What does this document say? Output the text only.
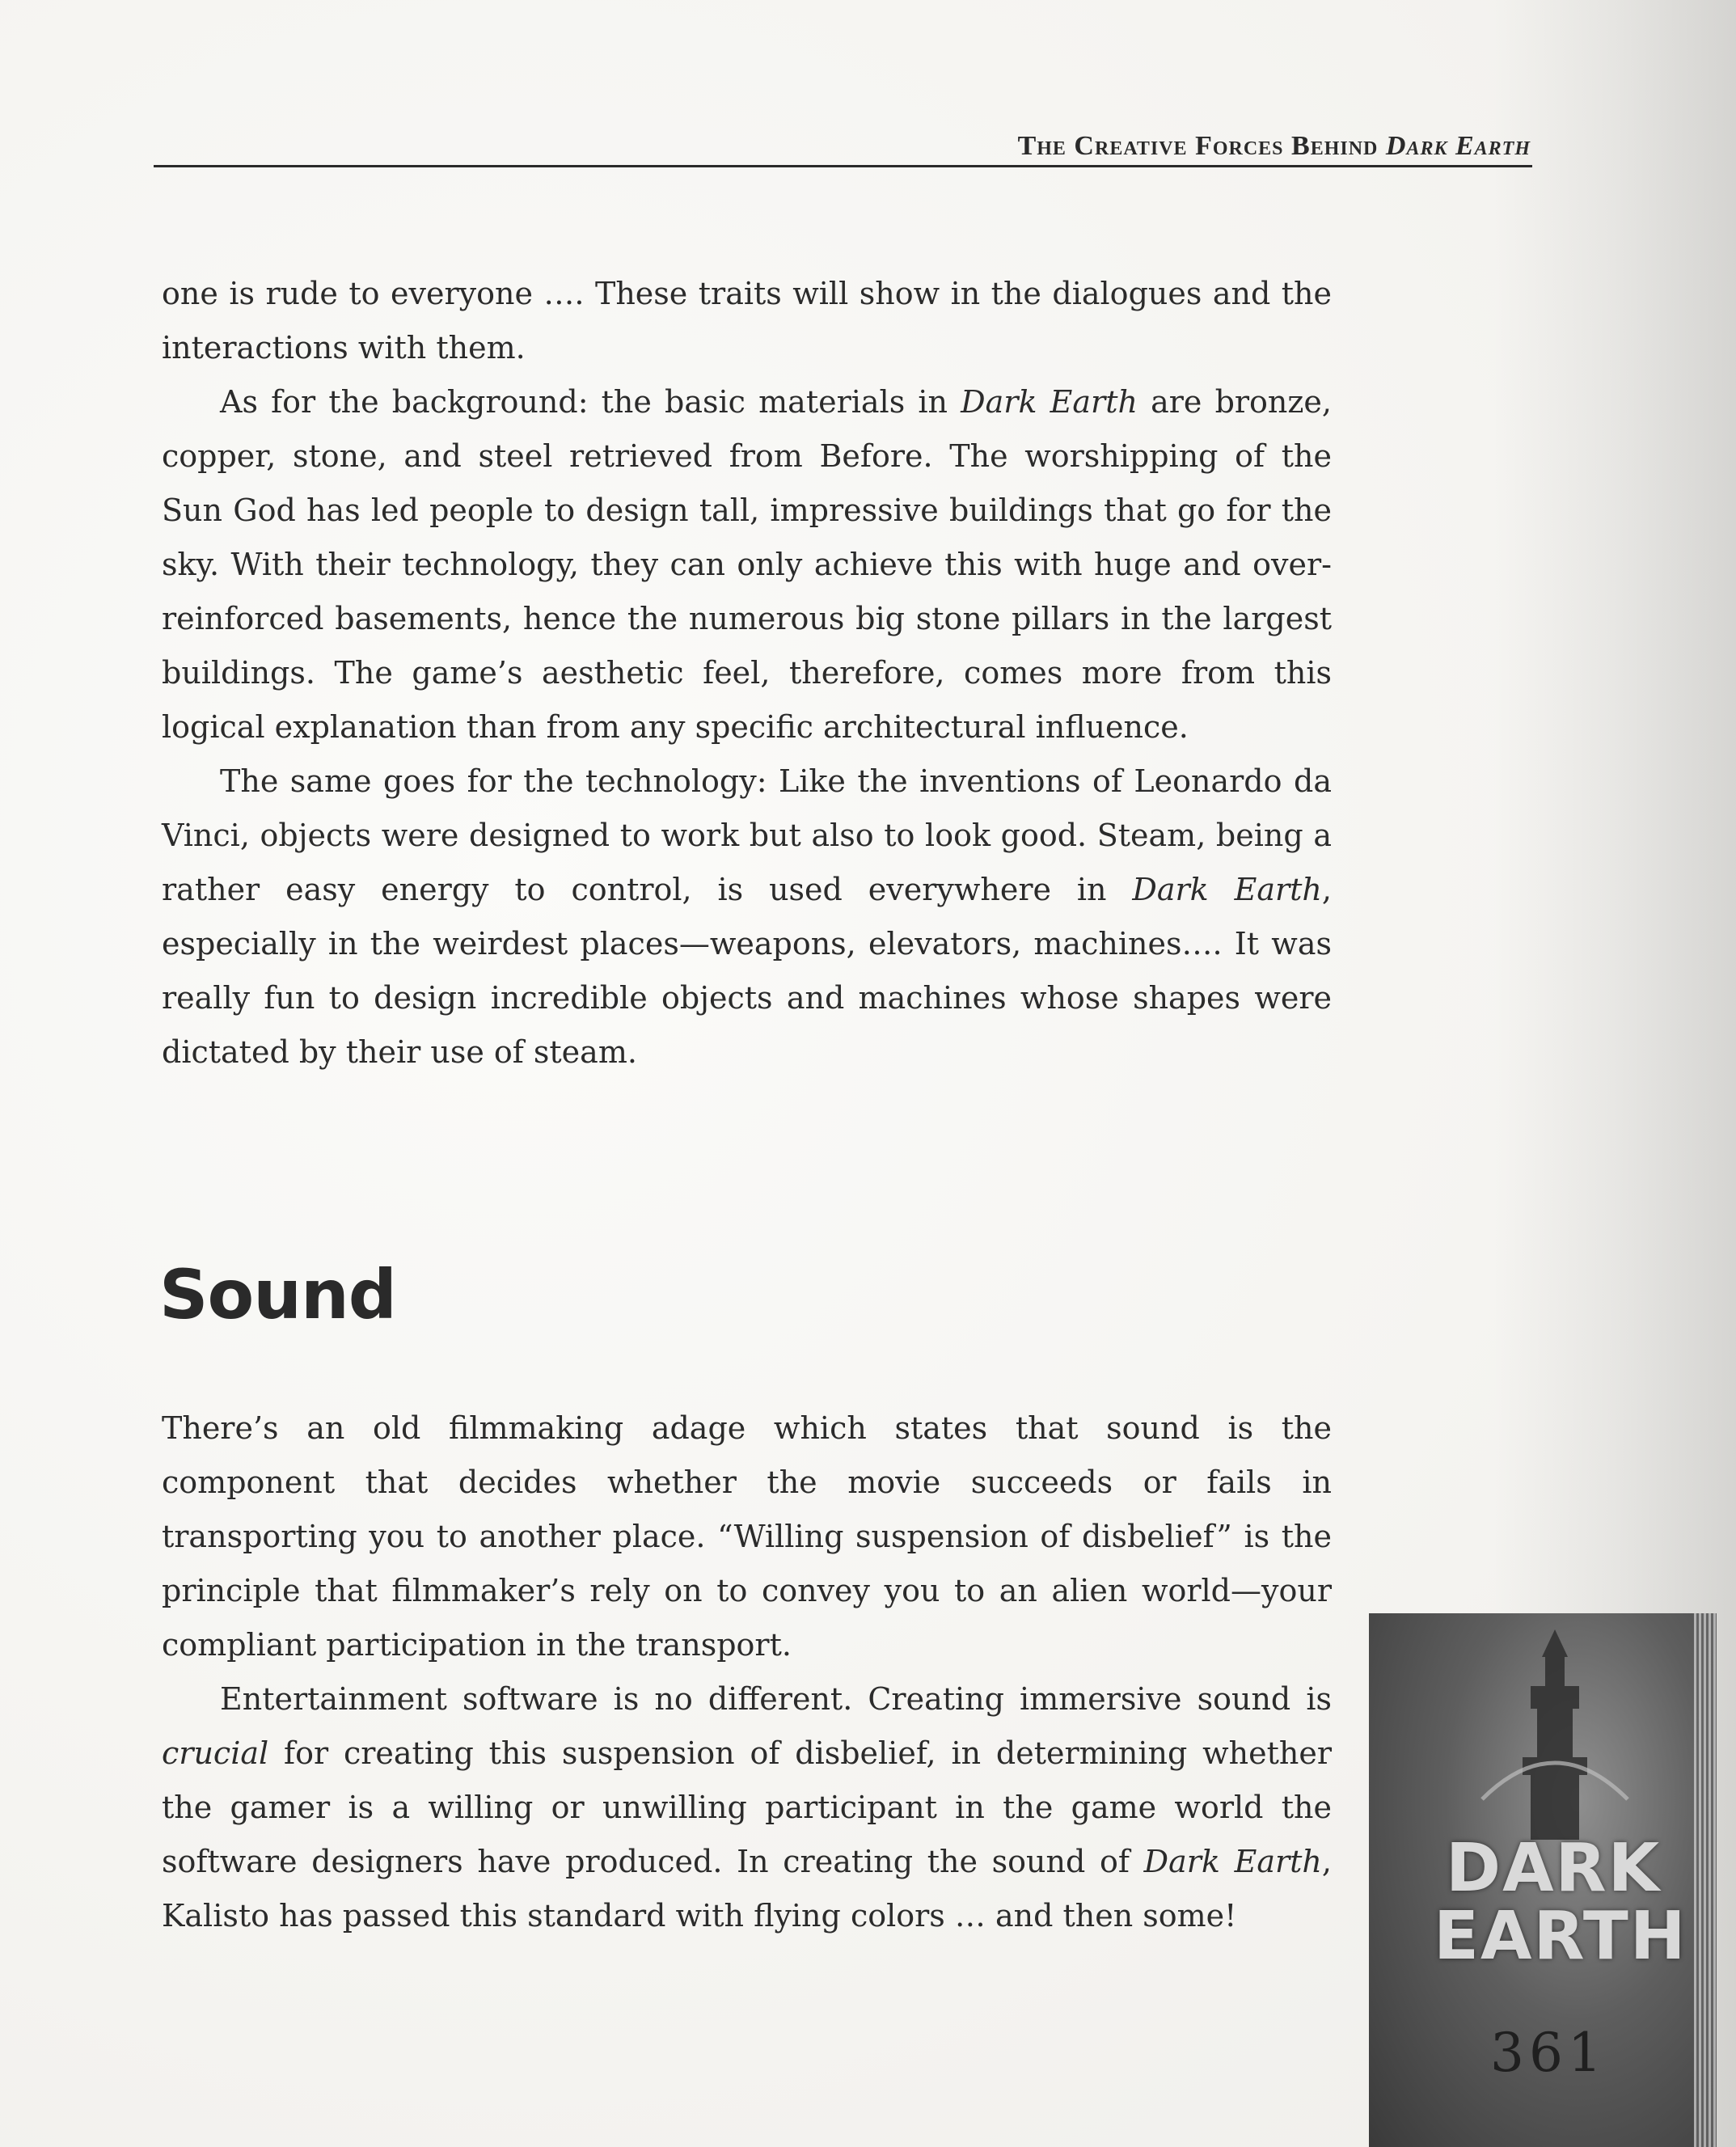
The Creative Forces Behind Dark Earth

one is rude to everyone …. These traits will show in the dialogues and the interactions with them.

As for the background: the basic materials in Dark Earth are bronze, copper, stone, and steel retrieved from Before. The worshipping of the Sun God has led people to design tall, impressive buildings that go for the sky. With their technology, they can only achieve this with huge and over-reinforced basements, hence the numerous big stone pillars in the largest buildings. The game’s aesthetic feel, therefore, comes more from this logical explanation than from any specific architectural influence.

The same goes for the technology: Like the inventions of Leonardo da Vinci, objects were designed to work but also to look good. Steam, being a rather easy energy to control, is used everywhere in Dark Earth, especially in the weirdest places—weapons, elevators, machines…. It was really fun to design incredible objects and machines whose shapes were dictated by their use of steam.

Sound

There’s an old filmmaking adage which states that sound is the component that decides whether the movie succeeds or fails in transporting you to another place. “Willing suspension of disbelief” is the principle that filmmaker’s rely on to convey you to an alien world—your compliant participation in the transport.

Entertainment software is no different. Creating immersive sound is crucial for creating this suspension of disbelief, in determining whether the gamer is a willing or unwilling participant in the game world the software designers have produced. In creating the sound of Dark Earth, Kalisto has passed this standard with flying colors … and then some!

DARK
EARTH
361
